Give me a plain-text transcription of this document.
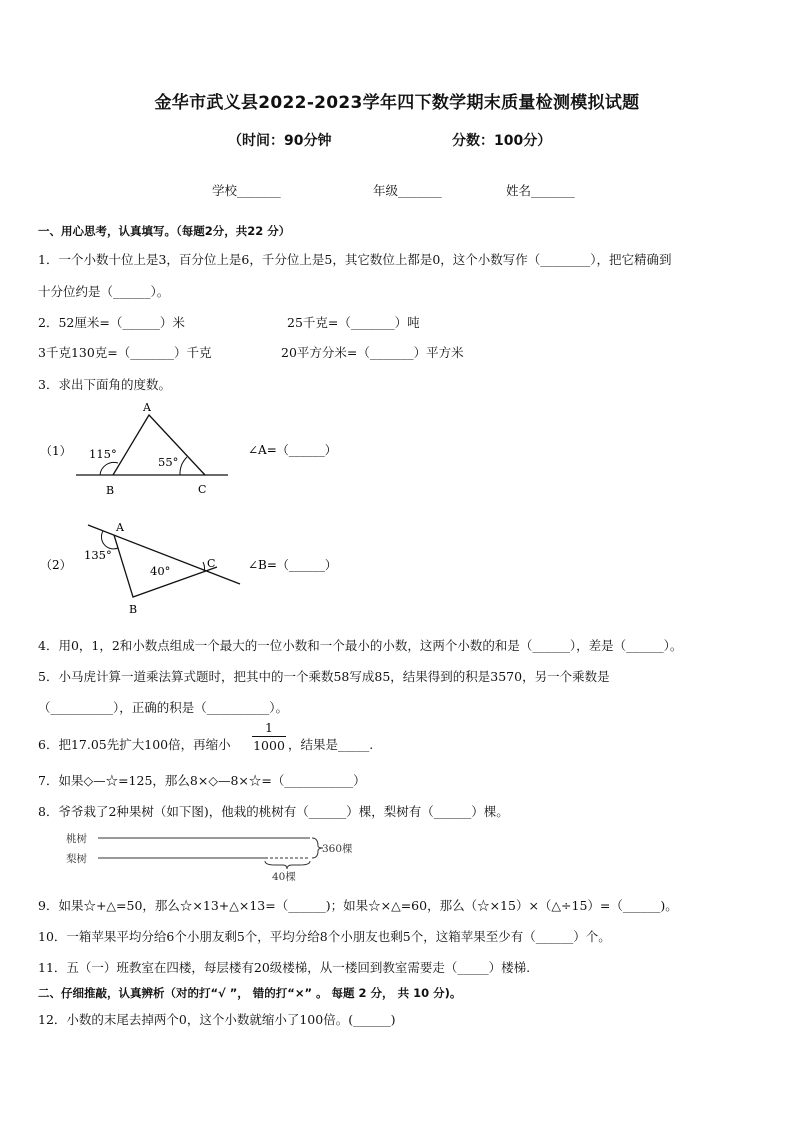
金华市武义县2022-2023学年四下数学期末质量检测模拟试题
（时间：90分钟	分数：100分）
学校_______	年级_______	姓名_______
一、用心思考，认真填写。（每题2分，共22 分）
1．一个小数十位上是3，百分位上是6，千分位上是5，其它数位上都是0，这个小数写作（________），把它精确到
十分位约是（______）。
2．52厘米=（______）米	25千克=（_______）吨
3千克130克=（_______）千克	20平方分米=（_______）平方米
3．求出下面角的度数。
（1）
A
B	C
115°
55°
∠A=（______）
（2）
A
B
C
135°
40°	∠B=（______）
4．用0，1，2和小数点组成一个最大的一位小数和一个最小的小数，这两个小数的和是（______），差是（______）。
5．小马虎计算一道乘法算式题时，把其中的一个乘数58写成85，结果得到的积是3570，另一个乘数是
（__________），正确的积是（__________）。
6．把17.05先扩大100倍，再缩小
1
1000 ，结果是_____.
7．如果◇—☆=125，那么8×◇—8×☆=（___________）
8．爷爷栽了2种果树（如下图)，他栽的桃树有（______）棵，梨树有（______）棵。
桃树
梨树
360棵
40棵
9．如果☆+△=50，那么☆×13+△×13=（______)；如果☆×△=60，那么（☆×15）×（△÷15）=（______)。
10．一箱苹果平均分给6个小朋友剩5个，平均分给8个小朋友也剩5个，这箱苹果至少有（______）个。
11．五（一）班教室在四楼，每层楼有20级楼梯，从一楼回到教室需要走（_____）楼梯.
二、仔细推敲，认真辨析（对的打“√ ”， 错的打“×” 。 每题 2 分， 共 10 分)。
12．小数的末尾去掉两个0，这个小数就缩小了100倍。(______)
